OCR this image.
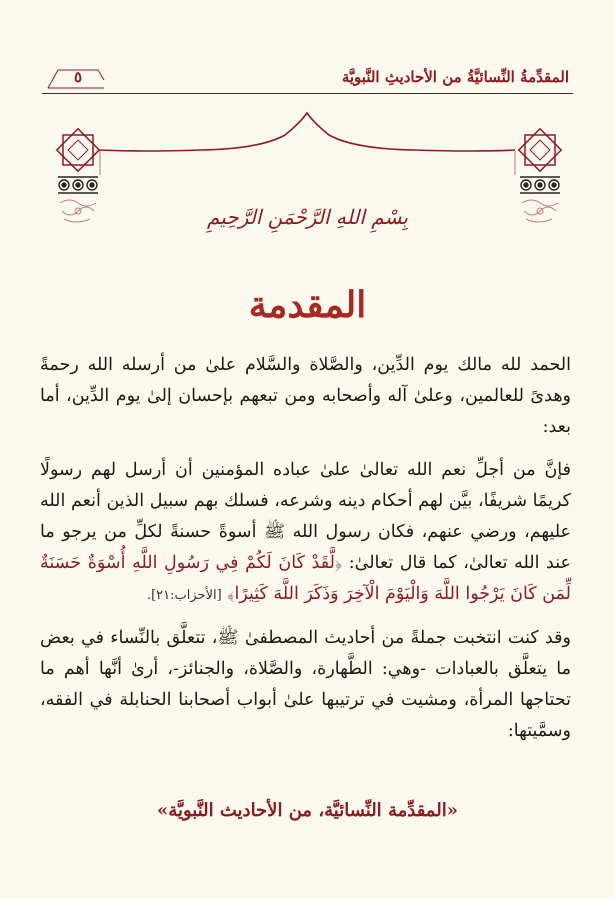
المقدِّمةُ النِّسائيَّةُ من الأحاديثِ النَّبويَّة
٥
بِسْمِ اللهِ الرَّحْمَنِ الرَّحِيمِ
المقدمة

الحمد لله مالك يوم الدِّين، والصَّلاة والسَّلام علىٰ من أرسله الله رحمةً وهدىً للعالمين، وعلىٰ آله وأصحابه ومن تبعهم بإحسان إلىٰ يوم الدِّين، أما بعد:

فإنَّ من أجلِّ نعم الله تعالىٰ علىٰ عباده المؤمنين أن أرسل لهم رسولًا كريمًا شريفًا، بيَّن لهم أحكام دينه وشرعه، فسلك بهم سبيل الذين أنعم الله عليهم، ورضي عنهم، فكان رسول الله ﷺ أسوةً حسنةً لكلِّ من يرجو ما عند الله تعالىٰ، كما قال تعالىٰ: ﴿لَّقَدْ كَانَ لَكُمْ فِي رَسُولِ اللَّهِ أُسْوَةٌ حَسَنَةٌ لِّمَن كَانَ يَرْجُوا اللَّهَ وَالْيَوْمَ الْآخِرَ وَذَكَرَ اللَّهَ كَثِيرًا﴾ [الأحزاب:٢١].

وقد كنت انتخبت جملةً من أحاديث المصطفىٰ ﷺ، تتعلَّق بالنِّساء في بعض ما يتعلَّق بالعبادات -وهي: الطَّهارة، والصَّلاة، والجنائز-، أرىٰ أنَّها أهم ما تحتاجها المرأة، ومشيت في ترتيبها علىٰ أبواب أصحابنا الحنابلة في الفقه، وسمَّيتها:

«المقدِّمة النِّسائيَّة، من الأحاديث النَّبويَّة»
